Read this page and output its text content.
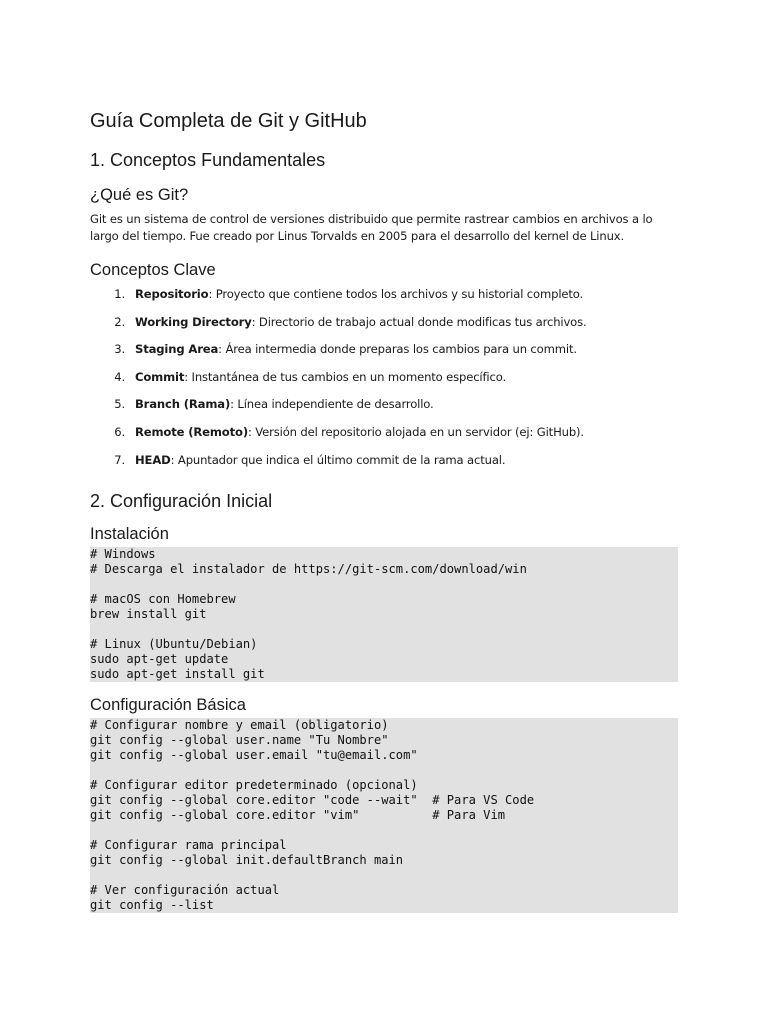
Guía Completa de Git y GitHub
1. Conceptos Fundamentales
¿Qué es Git?

Git es un sistema de control de versiones distribuido que permite rastrear cambios en archivos a lo largo del tiempo. Fue creado por Linus Torvalds en 2005 para el desarrollo del kernel de Linux.

Conceptos Clave
1. Repositorio: Proyecto que contiene todos los archivos y su historial completo.
2. Working Directory: Directorio de trabajo actual donde modificas tus archivos.
3. Staging Area: Área intermedia donde preparas los cambios para un commit.
4. Commit: Instantánea de tus cambios en un momento específico.
5. Branch (Rama): Línea independiente de desarrollo.
6. Remote (Remoto): Versión del repositorio alojada en un servidor (ej: GitHub).
7. HEAD: Apuntador que indica el último commit de la rama actual.
2. Configuración Inicial
Instalación
# Windows
# Descarga el instalador de https://git-scm.com/download/win

# macOS con Homebrew
brew install git

# Linux (Ubuntu/Debian)
sudo apt-get update
sudo apt-get install git
Configuración Básica
# Configurar nombre y email (obligatorio)
git config --global user.name "Tu Nombre"
git config --global user.email "tu@email.com"

# Configurar editor predeterminado (opcional)
git config --global core.editor "code --wait"  # Para VS Code
git config --global core.editor "vim"          # Para Vim

# Configurar rama principal
git config --global init.defaultBranch main

# Ver configuración actual
git config --list
